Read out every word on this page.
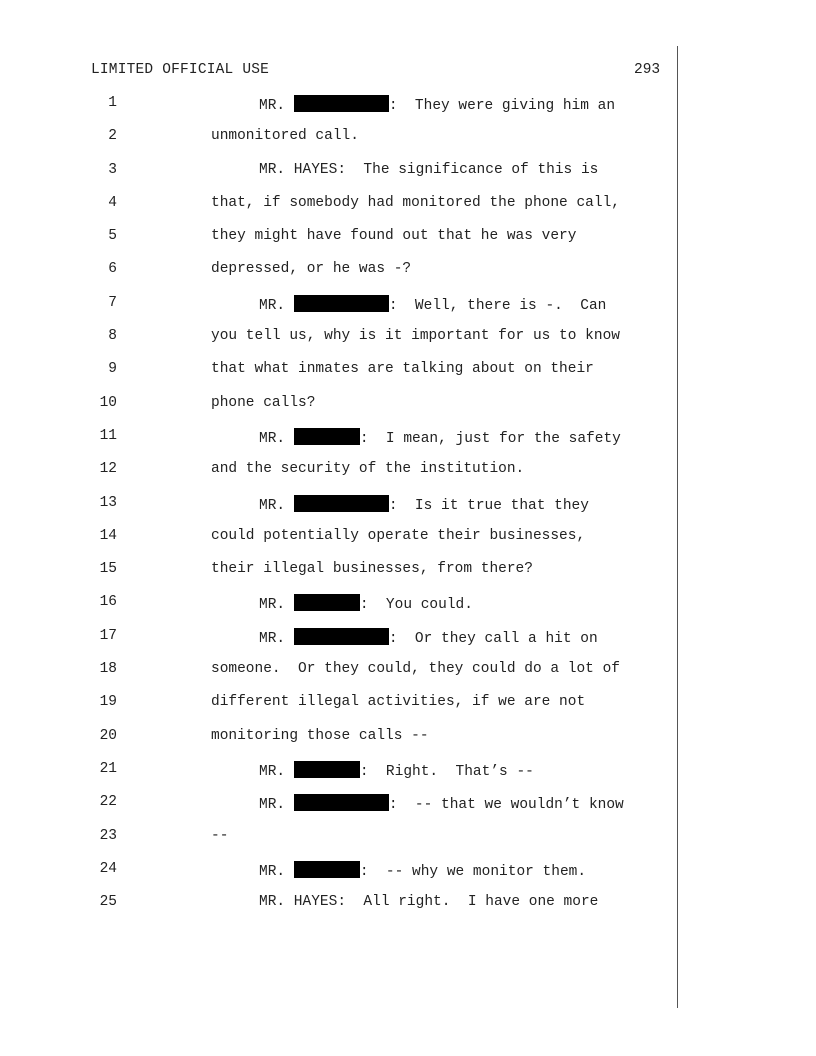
LIMITED OFFICIAL USE	293
1	MR.	:  They were giving him an
2	unmonitored call.
3	MR. HAYES:  The significance of this is
4	that, if somebody had monitored the phone call,
5	they might have found out that he was very
6	depressed, or he was -?
7	MR.	:  Well, there is -.  Can
8	you tell us, why is it important for us to know
9	that what inmates are talking about on their
10	phone calls?
11	MR.	:  I mean, just for the safety
12	and the security of the institution.
13	MR.	:  Is it true that they
14	could potentially operate their businesses,
15	their illegal businesses, from there?
16	MR.	:  You could.
17	MR.	:  Or they call a hit on
18	someone.  Or they could, they could do a lot of
19	different illegal activities, if we are not
20	monitoring those calls --
21	MR.	:  Right.  That’s --
22	MR.	:  -- that we wouldn’t know
23	--
24	MR.	:  -- why we monitor them.
25	MR. HAYES:  All right.  I have one more
